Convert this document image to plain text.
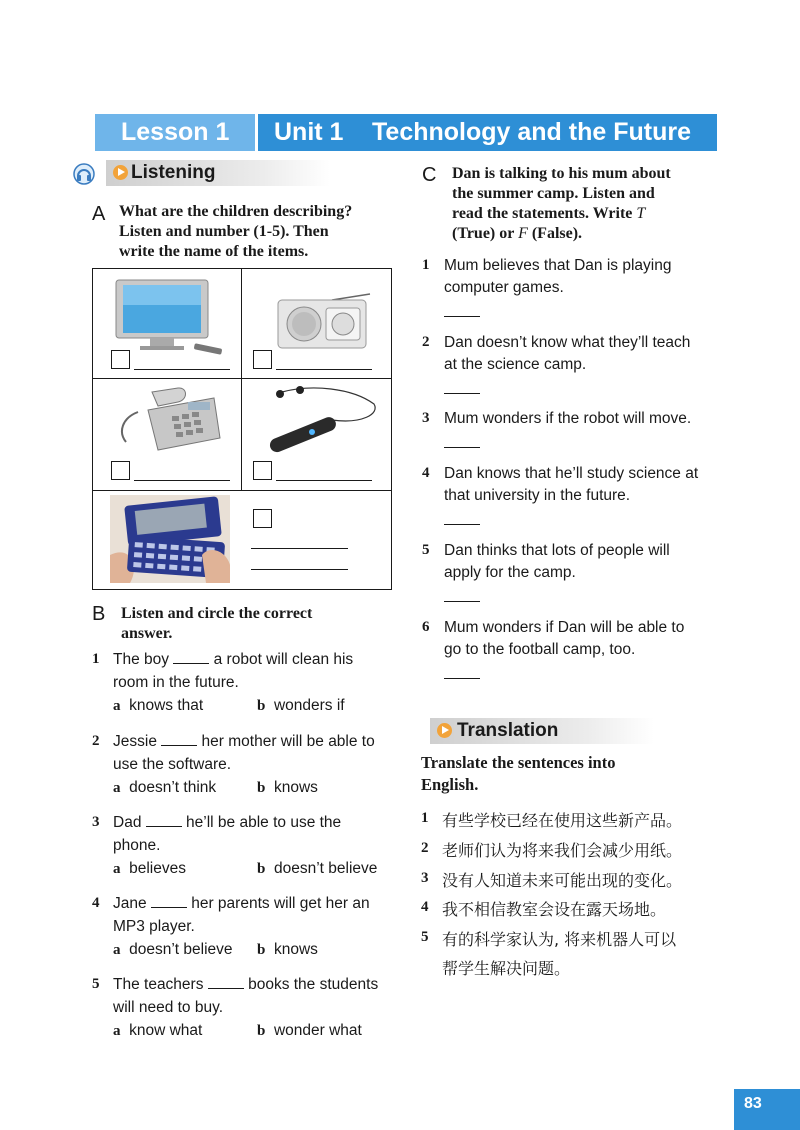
Lesson 1 Unit 1 Technology and the Future
Listening
A What are the children describing?
Listen and number (1-5). Then
write the name of the items.
B Listen and circle the correct
answer.
1 The boy  a robot will clean his
room in the future.
a knows that	b wonders if
2 Jessie  her mother will be able to
use the software.
a doesn’t think	b knows
3 Dad  he’ll be able to use the
phone.
a believes	b doesn’t believe
4 Jane  her parents will get her an
MP3 player.
a doesn’t believe b knows
5 The teachers  books the students
will need to buy.
a know what	b wonder what
C Dan is talking to his mum about
the summer camp. Listen and
read the statements. Write T
(True) or F (False).
1 Mum believes that Dan is playing
computer games.
2 Dan doesn’t know what they’ll teach
at the science camp.
3 Mum wonders if the robot will move.
4 Dan knows that he’ll study science at
that university in the future.
5 Dan thinks that lots of people will
apply for the camp.
6 Mum wonders if Dan will be able to
go to the football camp, too.
Translation
Translate the sentences into
English.
1 有些学校已经在使用这些新产品。
2 老师们认为将来我们会减少用纸。
3 没有人知道未来可能出现的变化。
4 我不相信教室会设在露天场地。
5 有的科学家认为, 将来机器人可以
帮学生解决问题。
83
